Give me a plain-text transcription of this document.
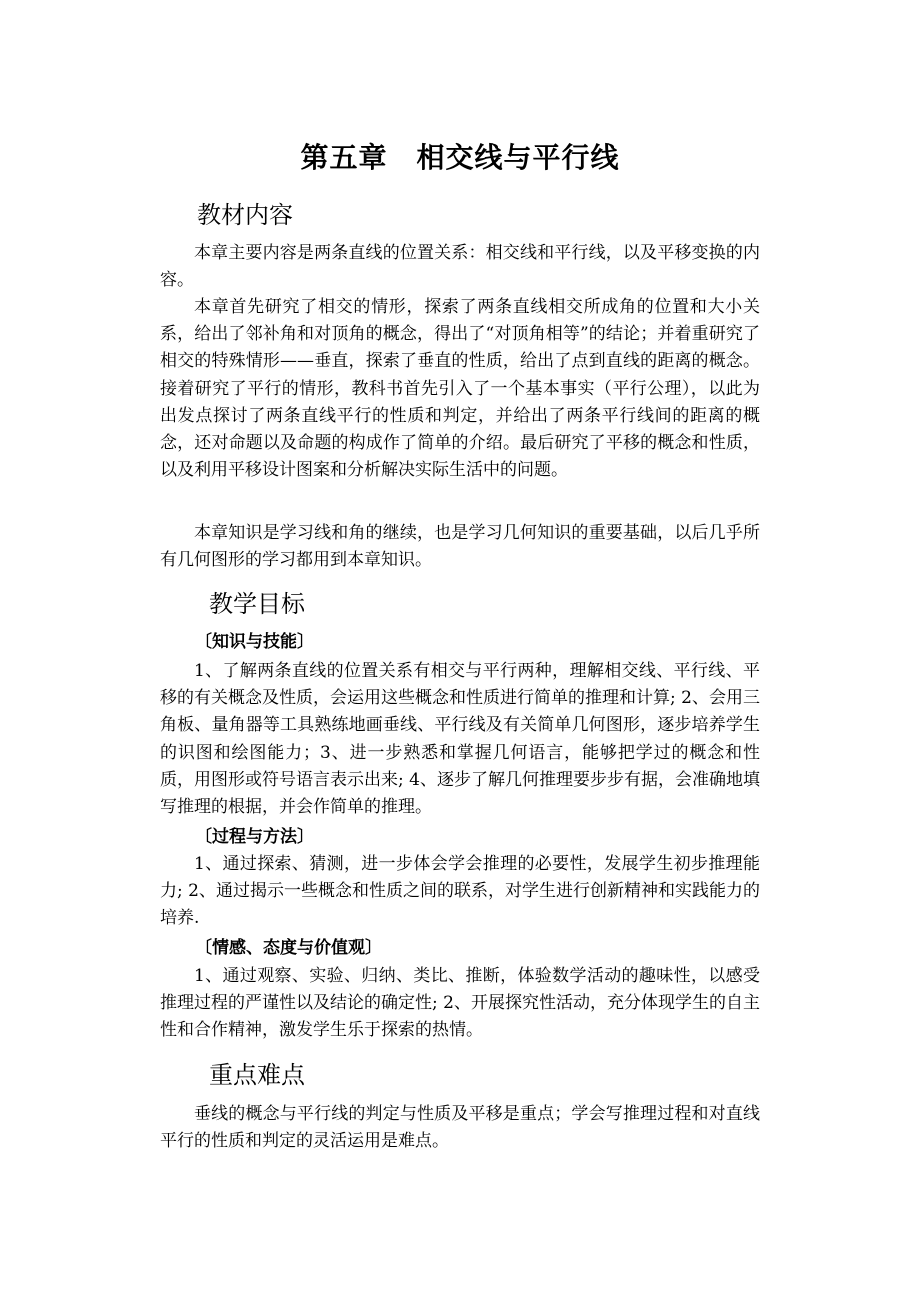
第五章　相交线与平行线
教材内容

本章主要内容是两条直线的位置关系：相交线和平行线，以及平移变换的内容。

本章首先研究了相交的情形，探索了两条直线相交所成角的位置和大小关系，给出了邻补角和对顶角的概念，得出了“对顶角相等”的结论；并着重研究了相交的特殊情形——垂直，探索了垂直的性质，给出了点到直线的距离的概念。接着研究了平行的情形，教科书首先引入了一个基本事实（平行公理），以此为出发点探讨了两条直线平行的性质和判定，并给出了两条平行线间的距离的概念，还对命题以及命题的构成作了简单的介绍。最后研究了平移的概念和性质，以及利用平移设计图案和分析解决实际生活中的问题。

本章知识是学习线和角的继续，也是学习几何知识的重要基础，以后几乎所有几何图形的学习都用到本章知识。

教学目标
〔知识与技能〕

1、了解两条直线的位置关系有相交与平行两种，理解相交线、平行线、平移的有关概念及性质，会运用这些概念和性质进行简单的推理和计算; 2、会用三角板、量角器等工具熟练地画垂线、平行线及有关简单几何图形，逐步培养学生的识图和绘图能力；3、进一步熟悉和掌握几何语言，能够把学过的概念和性质，用图形或符号语言表示出来; 4、逐步了解几何推理要步步有据，会准确地填写推理的根据，并会作简单的推理。

〔过程与方法〕

1、通过探索、猜测，进一步体会学会推理的必要性，发展学生初步推理能力; 2、通过揭示一些概念和性质之间的联系，对学生进行创新精神和实践能力的培养.

〔情感、态度与价值观〕

1、通过观察、实验、归纳、类比、推断，体验数学活动的趣味性，以感受推理过程的严谨性以及结论的确定性; 2、开展探究性活动，充分体现学生的自主性和合作精神，激发学生乐于探索的热情。

重点难点

垂线的概念与平行线的判定与性质及平移是重点；学会写推理过程和对直线平行的性质和判定的灵活运用是难点。
